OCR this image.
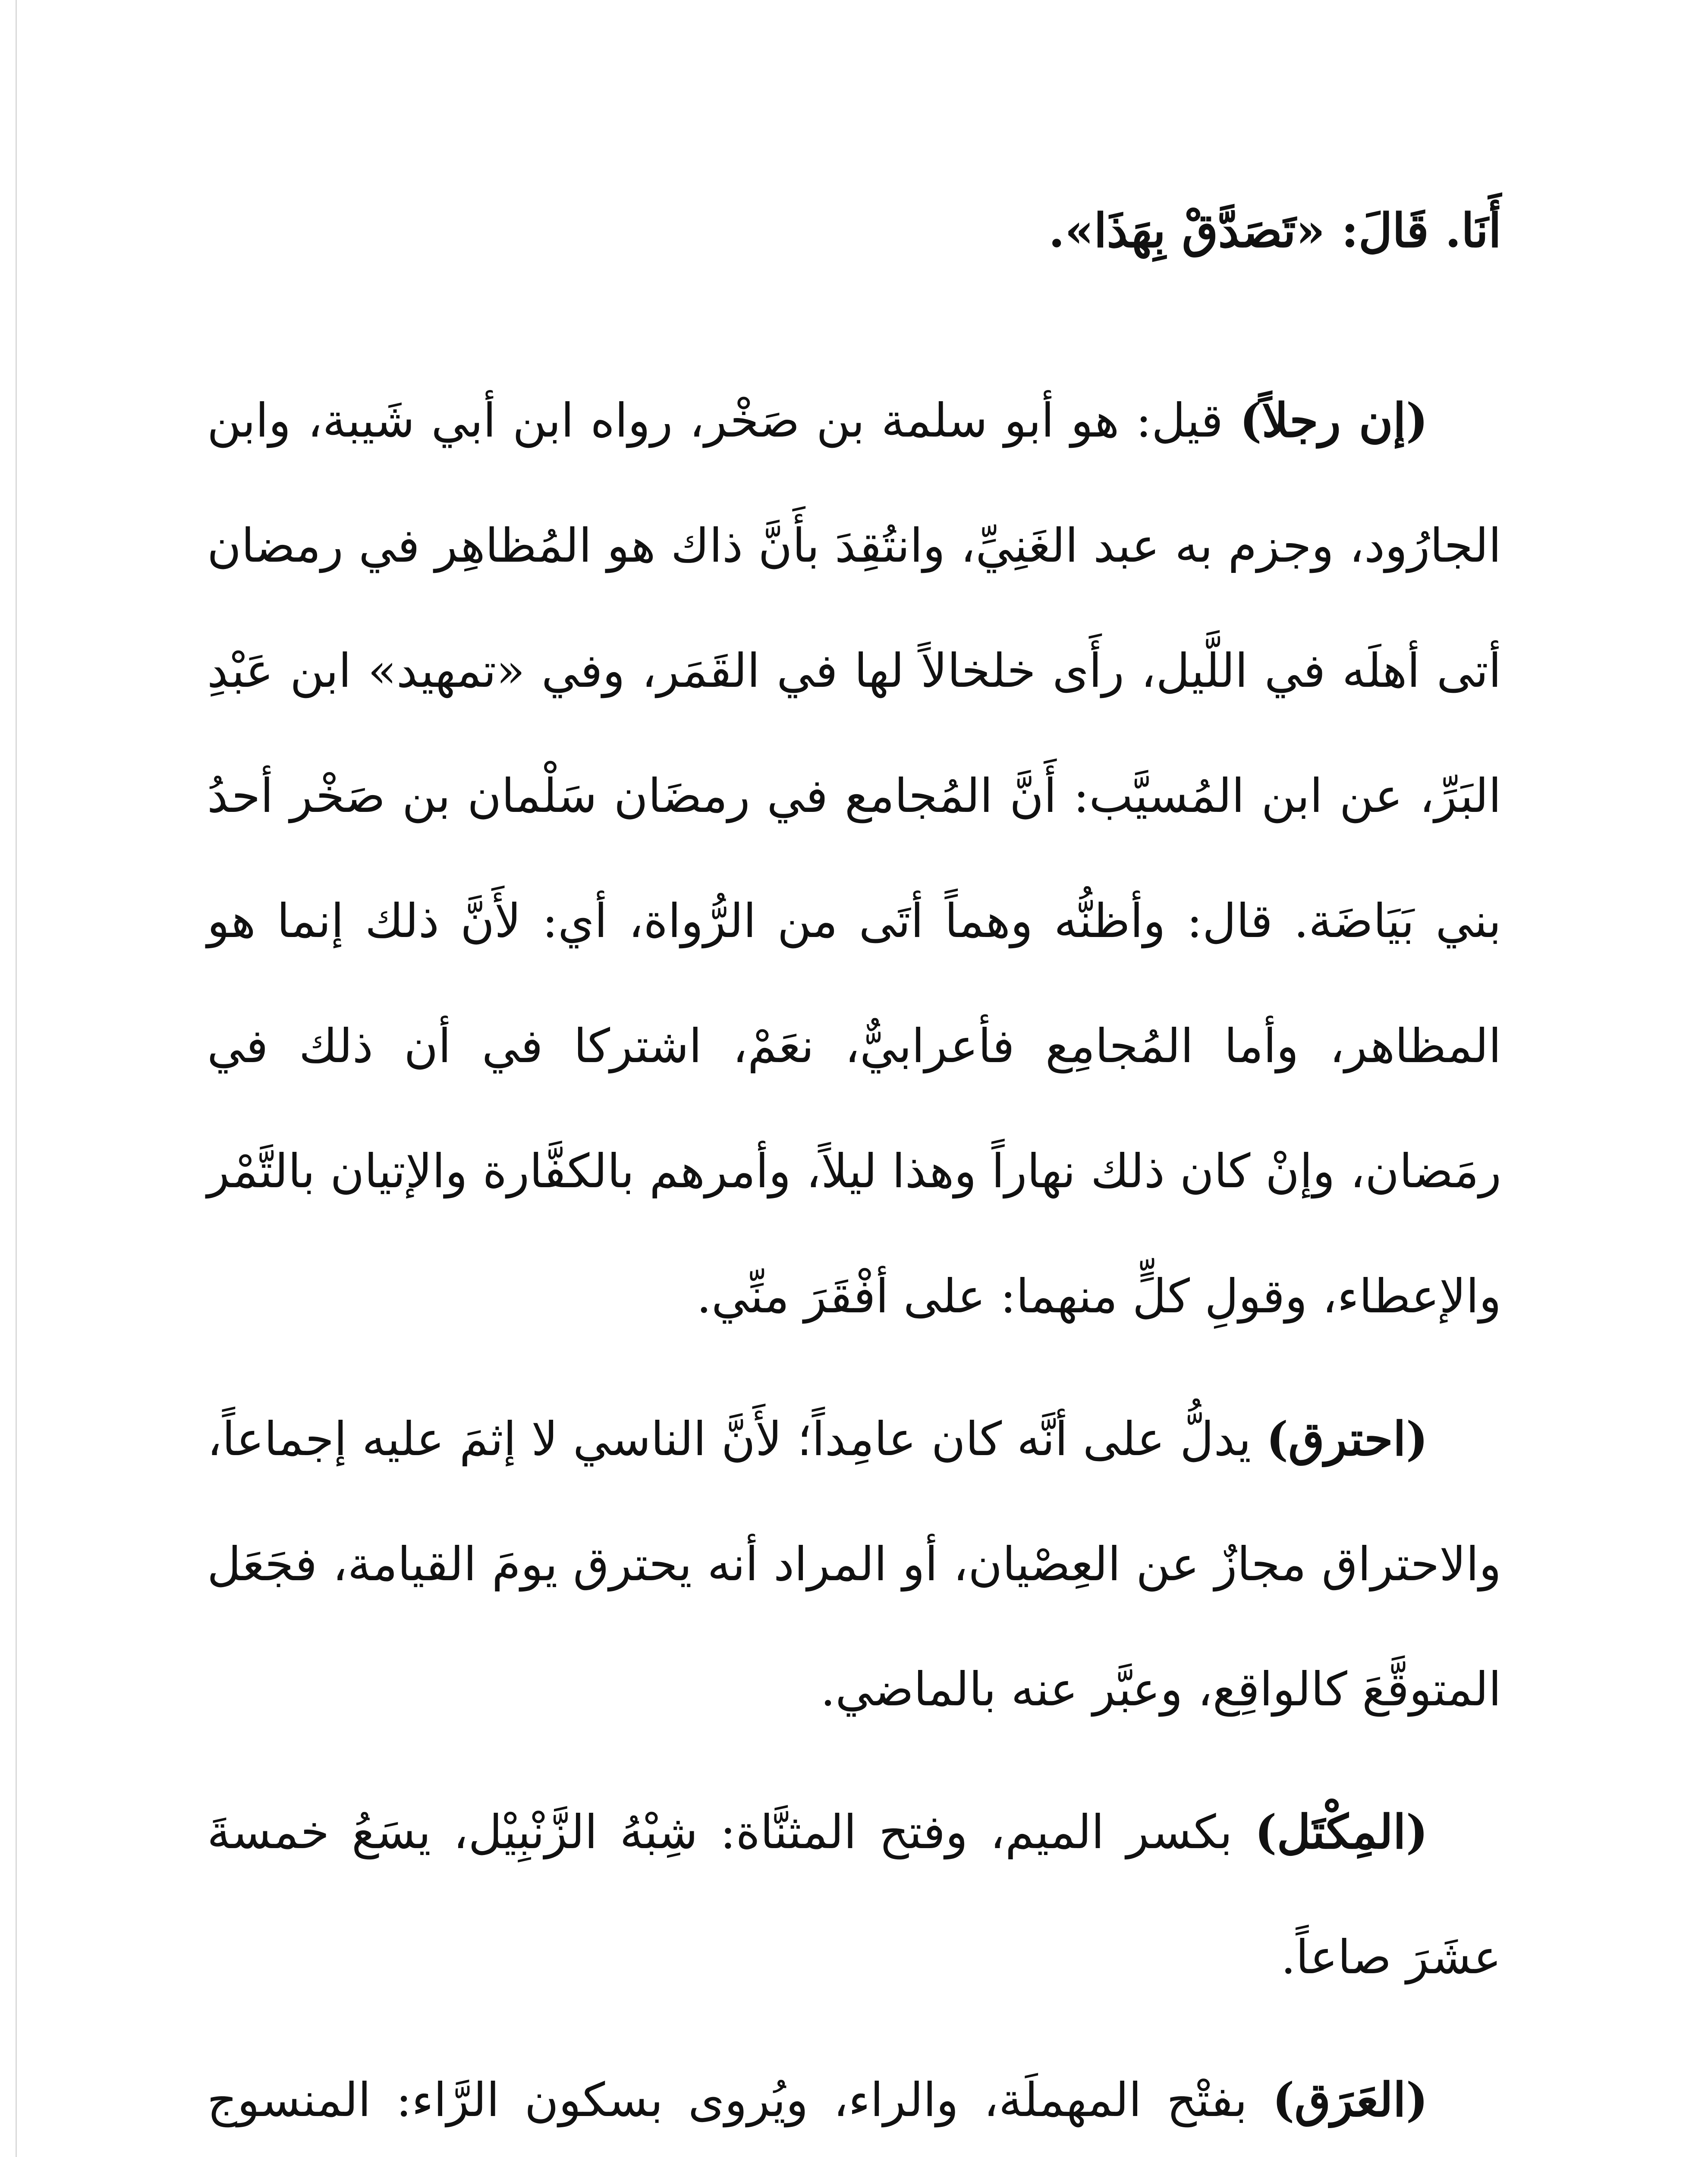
أَنَا. قَالَ: «تَصَدَّقْ بِهَذَا».

(إن رجلاً) قيل: هو أبو سلمة بن صَخْر، رواه ابن أبي شَيبة، وابن الجارُود، وجزم به عبد الغَنِيِّ، وانتُقِدَ بأَنَّ ذاك هو المُظاهِر في رمضان أتى أهلَه في اللَّيل، رأَى خلخالاً لها في القَمَر، وفي «تمهيد» ابن عَبْدِ البَرِّ، عن ابن المُسيَّب: أَنَّ المُجامع في رمضَان سَلْمان بن صَخْر أحدُ بني بَيَاضَة. قال: وأظنُّه وهماً أتَى من الرُّواة، أي: لأَنَّ ذلك إنما هو المظاهر، وأما المُجامِع فأعرابيٌّ، نعَمْ، اشتركا في أن ذلك في رمَضان، وإنْ كان ذلك نهاراً وهذا ليلاً، وأمرهم بالكفَّارة والإتيان بالتَّمْر والإعطاء، وقولِ كلٍّ منهما: على أفْقَرَ منِّي.

(احترق) يدلُّ على أنَّه كان عامِداً؛ لأَنَّ الناسي لا إثمَ عليه إجماعاً، والاحتراق مجازٌ عن العِصْيان، أو المراد أنه يحترق يومَ القيامة، فجَعَل المتوقَّعَ كالواقِع، وعبَّر عنه بالماضي.

(المِكْتَل) بكسر الميم، وفتح المثنَّاة: شِبْهُ الزَّنْبِيْل، يسَعُ خمسةَ عشَرَ صاعاً.

(العَرَق) بفتْح المهملَة، والراء، ويُروى بسكون الرَّاء: المنسوج
